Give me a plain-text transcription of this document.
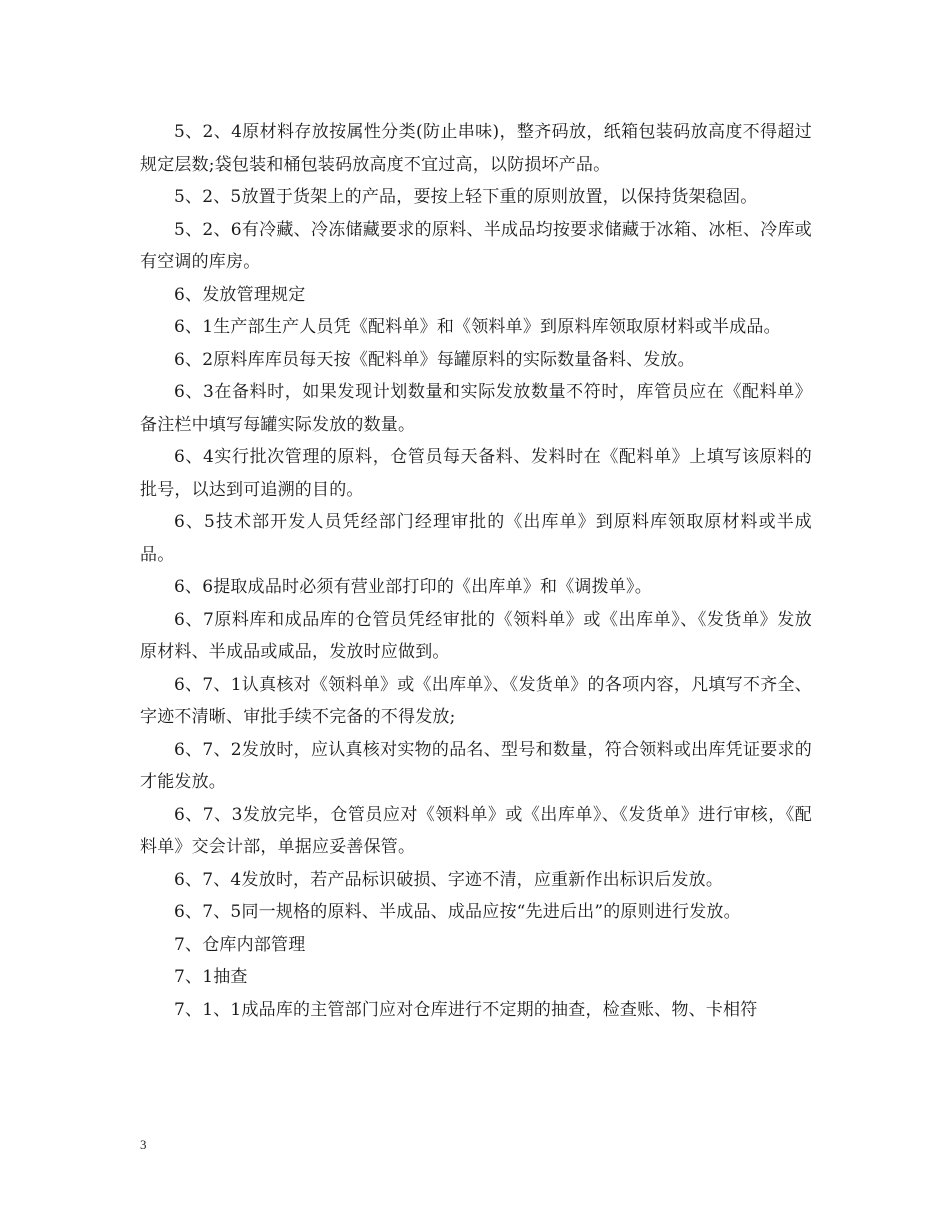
5、2、4原材料存放按属性分类(防止串味)，整齐码放，纸箱包装码放高度不得超过规定层数;袋包装和桶包装码放高度不宜过高，以防损坏产品。

5、2、5放置于货架上的产品，要按上轻下重的原则放置，以保持货架稳固。

5、2、6有冷藏、冷冻储藏要求的原料、半成品均按要求储藏于冰箱、冰柜、冷库或有空调的库房。

6、发放管理规定

6、1生产部生产人员凭《配料单》和《领料单》到原料库领取原材料或半成品。

6、2原料库库员每天按《配料单》每罐原料的实际数量备料、发放。

6、3在备料时，如果发现计划数量和实际发放数量不符时，库管员应在《配料单》备注栏中填写每罐实际发放的数量。

6、4实行批次管理的原料，仓管员每天备料、发料时在《配料单》上填写该原料的批号，以达到可追溯的目的。

6、5技术部开发人员凭经部门经理审批的《出库单》到原料库领取原材料或半成品。

6、6提取成品时必须有营业部打印的《出库单》和《调拨单》。

6、7原料库和成品库的仓管员凭经审批的《领料单》或《出库单》、《发货单》发放原材料、半成品或咸品，发放时应做到。

6、7、1认真核对《领料单》或《出库单》、《发货单》的各项内容，凡填写不齐全、字迹不清晰、审批手续不完备的不得发放;

6、7、2发放时，应认真核对实物的品名、型号和数量，符合领料或出库凭证要求的才能发放。

6、7、3发放完毕，仓管员应对《领料单》或《出库单》、《发货单》进行审核，《配料单》交会计部，单据应妥善保管。

6、7、4发放时，若产品标识破损、字迹不清，应重新作出标识后发放。

6、7、5同一规格的原料、半成品、成品应按“先进后出”的原则进行发放。

7、仓库内部管理

7、1抽查

7、1、1成品库的主管部门应对仓库进行不定期的抽查，检查账、物、卡相符

3
